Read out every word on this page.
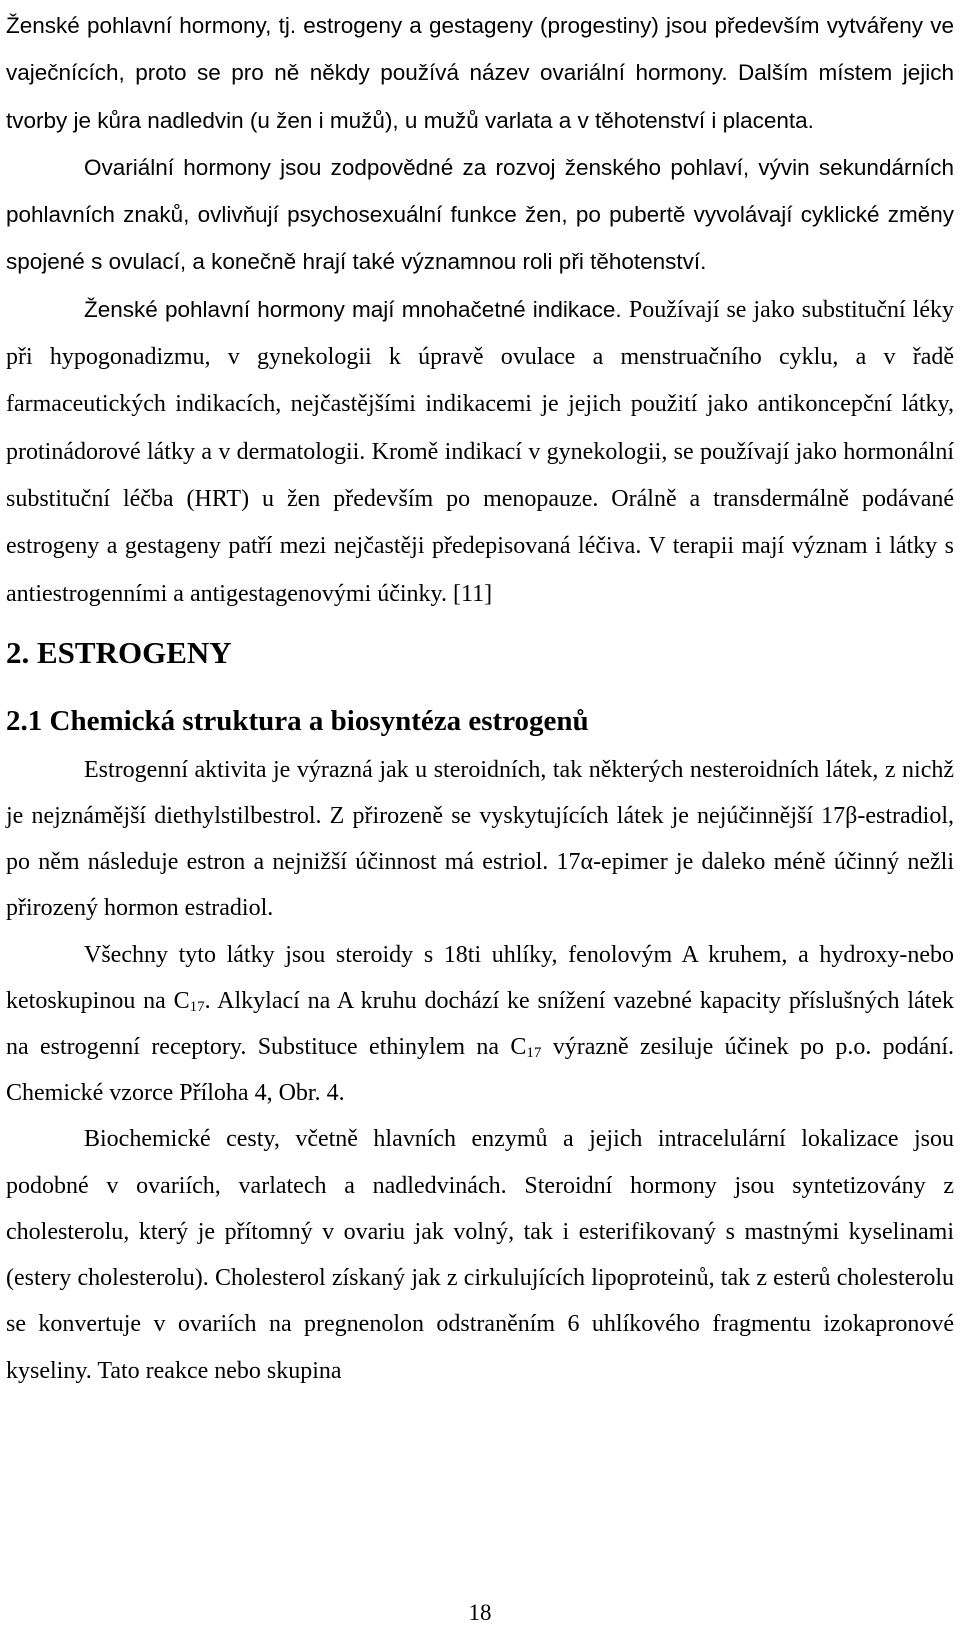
Ženské pohlavní hormony, tj. estrogeny a gestageny (progestiny) jsou především vytvářeny ve vaječnících, proto se pro ně někdy používá název ovariální hormony. Dalším místem jejich tvorby je kůra nadledvin (u žen i mužů), u mužů varlata a v těhotenství i placenta.

Ovariální hormony jsou zodpovědné za rozvoj ženského pohlaví, vývin sekundárních pohlavních znaků, ovlivňují psychosexuální funkce žen, po pubertě vyvolávají cyklické změny spojené s ovulací, a konečně hrají také významnou roli při těhotenství.

Ženské pohlavní hormony mají mnohačetné indikace. Používají se jako substituční léky při hypogonadizmu, v gynekologii k úpravě ovulace a menstruačního cyklu, a v řadě farmaceutických indikacích, nejčastějšími indikacemi je jejich použití jako antikoncepční látky, protinádorové látky a v dermatologii. Kromě indikací v gynekologii, se používají jako hormonální substituční léčba (HRT) u žen především po menopauze. Orálně a transdermálně podávané estrogeny a gestageny patří mezi nejčastěji předepisovaná léčiva. V terapii mají význam i látky s antiestrogenními a antigestagenovými účinky. [11]

2. ESTROGENY
2.1 Chemická struktura a biosyntéza estrogenů

Estrogenní aktivita je výrazná jak u steroidních, tak některých nesteroidních látek, z nichž je nejznámější diethylstilbestrol. Z přirozeně se vyskytujících látek je nejúčinnější 17β-estradiol, po něm následuje estron a nejnižší účinnost má estriol. 17α-epimer je daleko méně účinný nežli přirozený hormon estradiol.

Všechny tyto látky jsou steroidy s 18ti uhlíky, fenolovým A kruhem, a hydroxy-nebo ketoskupinou na $C_{17}$. Alkylací na A kruhu dochází ke snížení vazebné kapacity příslušných látek na estrogenní receptory. Substituce ethinylem na $C_{17}$ výrazně zesiluje účinek po p.o. podání. Chemické vzorce Příloha 4, Obr. 4.

Biochemické cesty, včetně hlavních enzymů a jejich intracelulární lokalizace jsou podobné v ovariích, varlatech a nadledvinách. Steroidní hormony jsou syntetizovány z cholesterolu, který je přítomný v ovariu jak volný, tak i esterifikovaný s mastnými kyselinami (estery cholesterolu). Cholesterol získaný jak z cirkulujících lipoproteinů, tak z esterů cholesterolu se konvertuje v ovariích na pregnenolon odstraněním 6 uhlíkového fragmentu izokapronové kyseliny. Tato reakce nebo skupina

18
